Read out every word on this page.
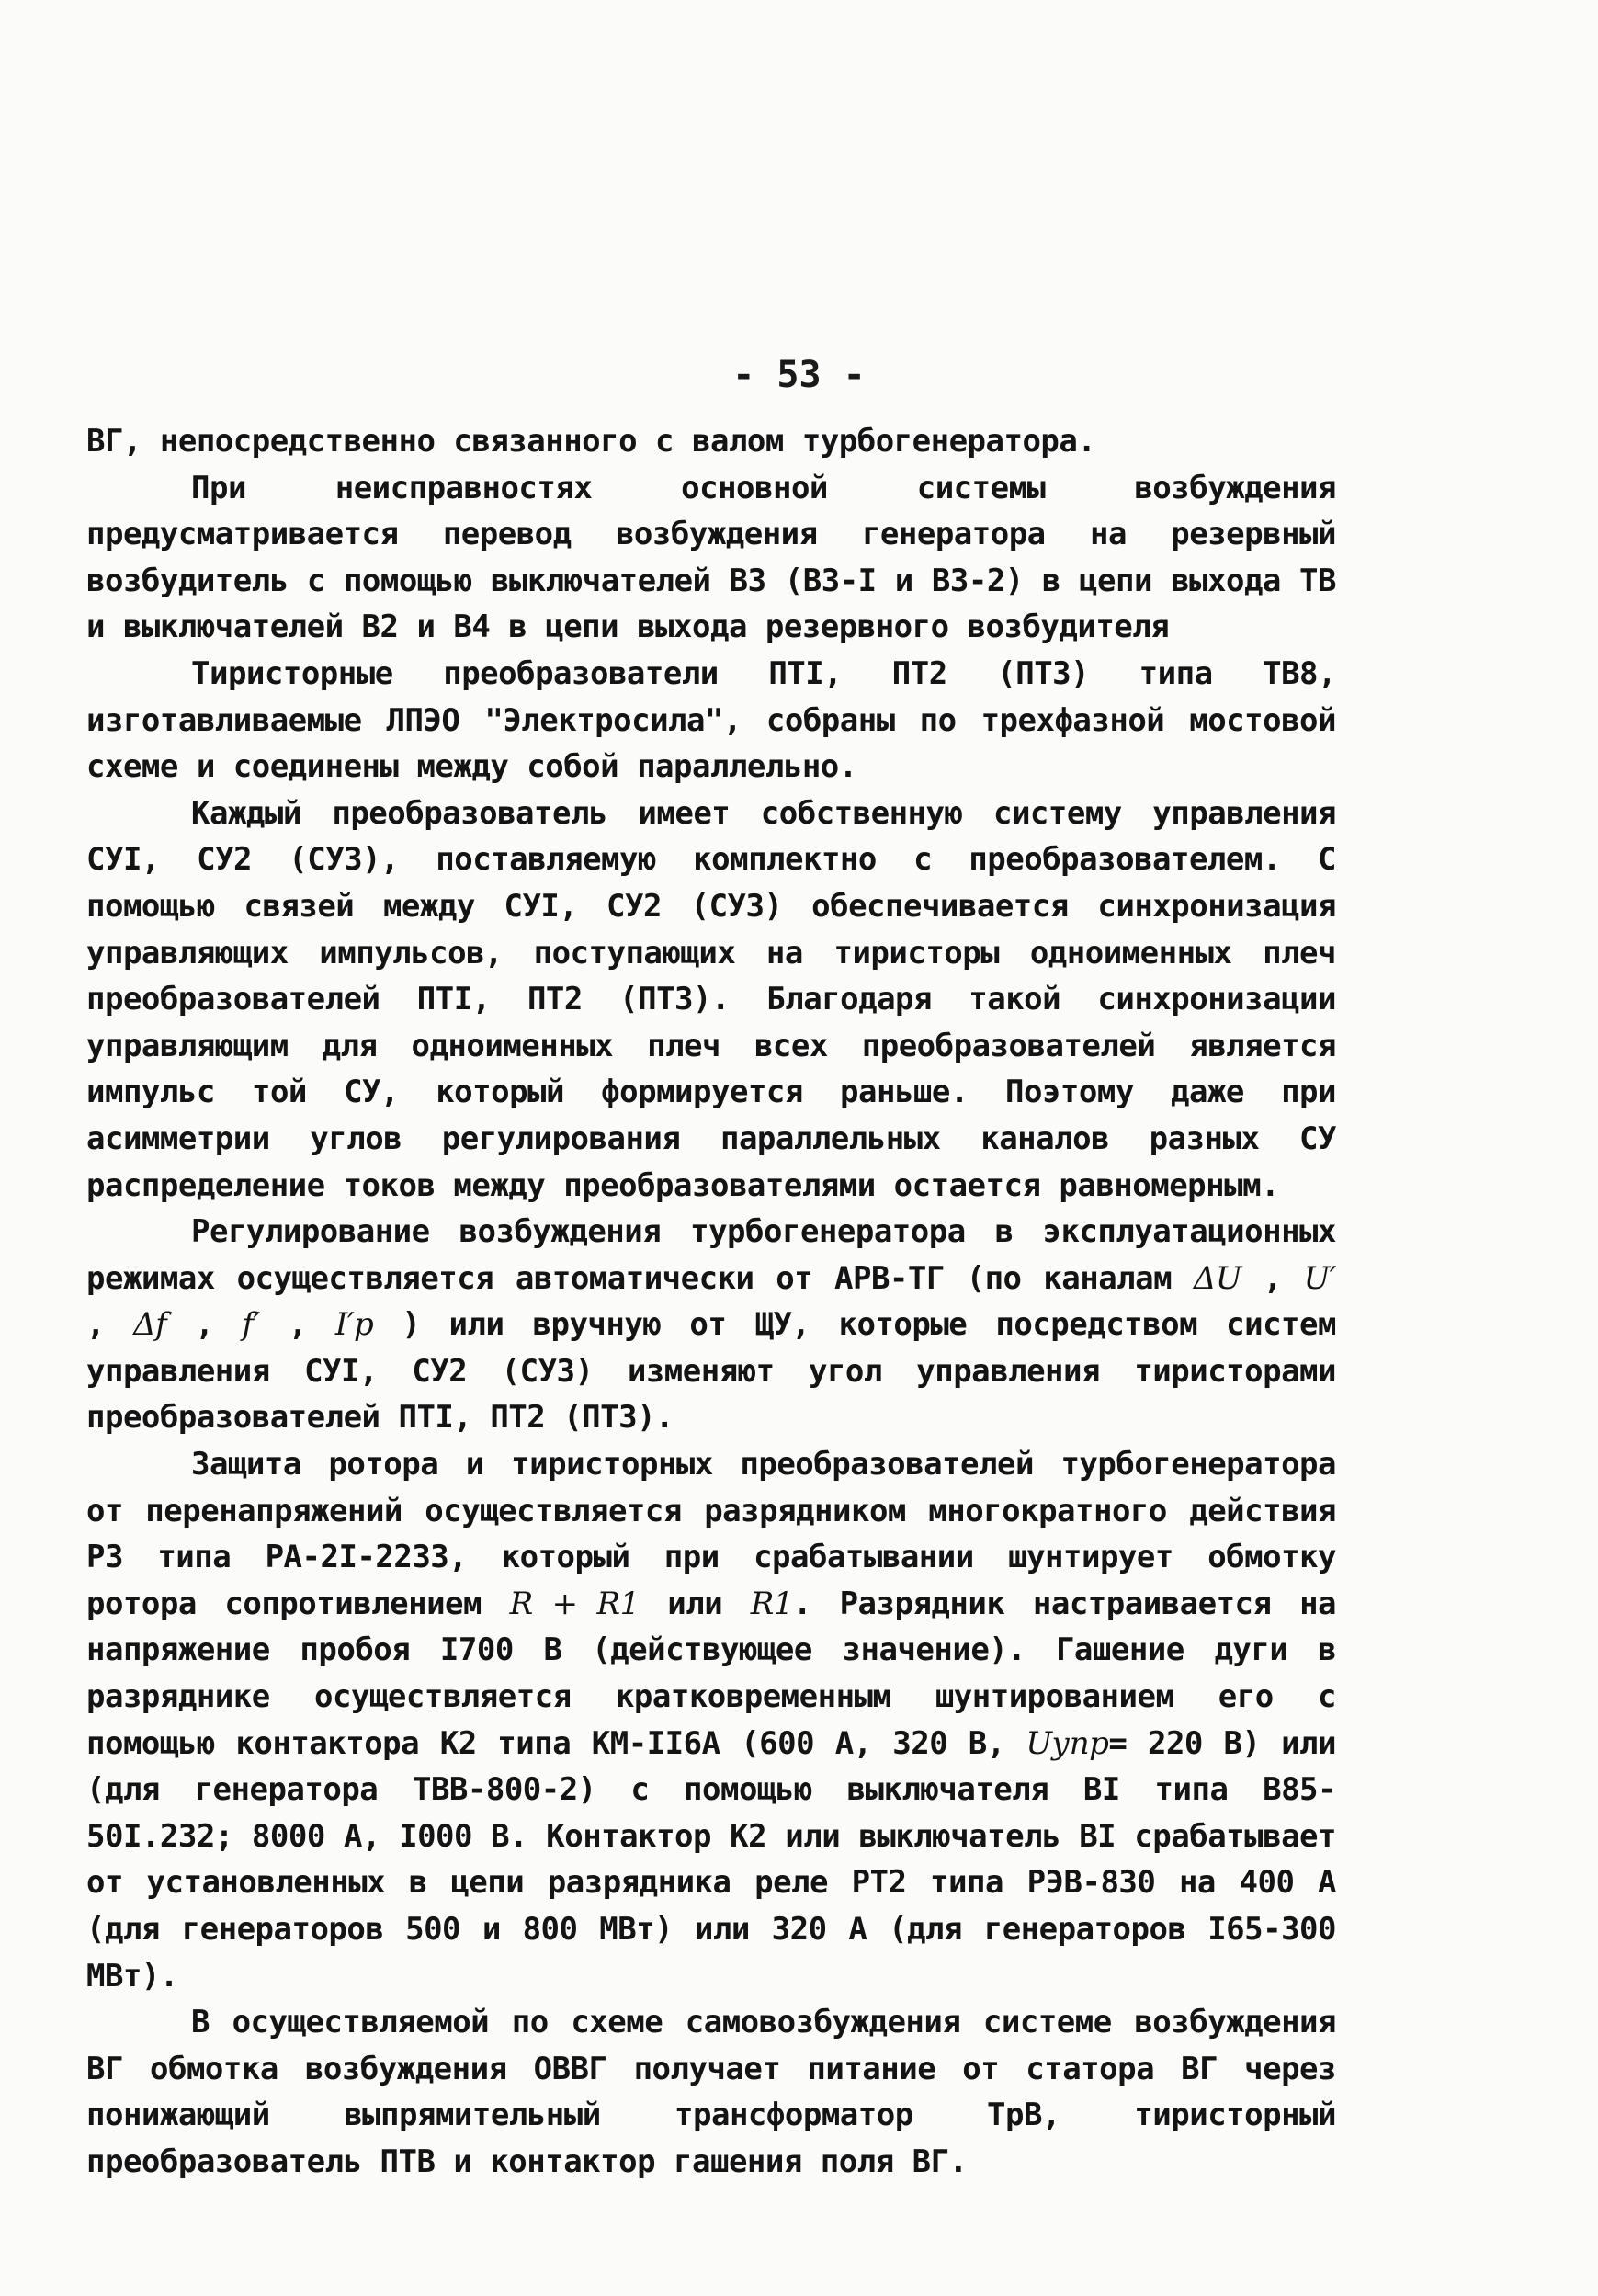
- 53 -

ВГ, непосредственно связанного с валом турбогенератора.

При неисправностях основной системы возбуждения предусматривается перевод возбуждения генератора на резервный возбудитель с помощью выключателей ВЗ (ВЗ-I и ВЗ-2) в цепи выхода ТВ и выключателей В2 и В4 в цепи выхода резервного возбудителя

Тиристорные преобразователи ПТI, ПТ2 (ПТЗ) типа ТВ8, изготавливаемые ЛПЭО "Электросила", собраны по трехфазной мостовой схеме и соединены между собой параллельно.

Каждый преобразователь имеет собственную систему управления СУI, СУ2 (СУЗ), поставляемую комплектно с преобразователем. С помощью связей между СУI, СУ2 (СУЗ) обеспечивается синхронизация управляющих импульсов, поступающих на тиристоры одноименных плеч преобразователей ПТI, ПТ2 (ПТЗ). Благодаря такой синхронизации управляющим для одноименных плеч всех преобразователей является импульс той СУ, который формируется раньше. Поэтому даже при асимметрии углов регулирования параллельных каналов разных СУ распределение токов между преобразователями остается равномерным.

Регулирование возбуждения турбогенератора в эксплуатационных режимах осуществляется автоматически от АРВ-ТГ (по каналам ΔU , U′ , Δf , f′ , I′p ) или вручную от ЩУ, которые посредством систем управления СУI, СУ2 (СУЗ) изменяют угол управления тиристорами преобразователей ПТI, ПТ2 (ПТЗ).

Защита ротора и тиристорных преобразователей турбогенератора от перенапряжений осуществляется разрядником многократного действия РЗ типа РА-2I-2233, который при срабатывании шунтирует обмотку ротора сопротивлением R + R1 или R1. Разрядник настраивается на напряжение пробоя I700 В (действующее значение). Гашение дуги в разряднике осуществляется кратковременным шунтированием его с помощью контактора К2 типа КМ-II6А (600 А, 320 В, Uупр= 220 В) или (для генератора ТВВ-800-2) с помощью выключателя ВI типа В85-50I.232; 8000 А, I000 В. Контактор К2 или выключатель ВI срабатывает от установленных в цепи разрядника реле РТ2 типа РЭВ-830 на 400 А (для генераторов 500 и 800 МВт) или 320 А (для генераторов I65-300 МВт).

В осуществляемой по схеме самовозбуждения системе возбуждения ВГ обмотка возбуждения ОВВГ получает питание от статора ВГ через понижающий выпрямительный трансформатор ТрВ, тиристорный преобразователь ПТВ и контактор гашения поля ВГ.
